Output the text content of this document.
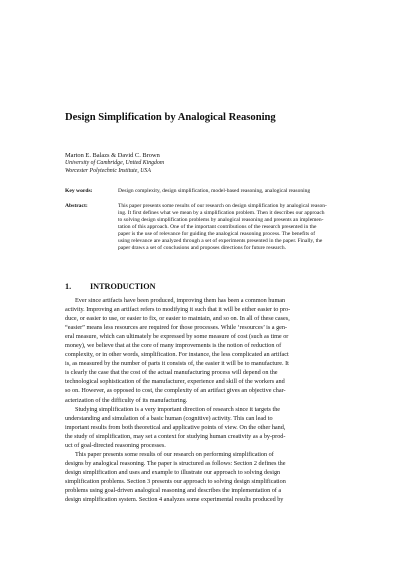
Design Simplification by Analogical Reasoning
Marton E. Balazs & David C. Brown
University of Cambridge, United Kingdom
Worcester Polytechnic Institute, USA
Key words:	Design complexity, design simplification, model-based reasoning, analogical reasoning
Abstract:	This paper presents some results of our research on design simplification by analogical reason-
ing. It first defines what we mean by a simplification problem. Then it describes our approach
to solving design simplification problems by analogical reasoning and presents an implemen-
tation of this approach. One of the important contributions of the research presented in the
paper is the use of relevance for guiding the analogical reasoning process. The benefits of
using relevance are analyzed through a set of experiments presented in the paper. Finally, the
paper draws a set of conclusions and proposes directions for future research.
1. INTRODUCTION
Ever since artifacts have been produced, improving them has been a common human
activity. Improving an artifact refers to modifying it such that it will be either easier to pro-
duce, or easier to use, or easier to fix, or easier to maintain, and so on. In all of these cases,
“easier” means less resources are required for those processes. While ‘resources’ is a gen-
eral measure, which can ultimately be expressed by some measure of cost (such as time or
money), we believe that at the core of many improvements is the notion of reduction of
complexity, or in other words, simplification. For instance, the less complicated an artifact
is, as measured by the number of parts it consists of, the easier it will be to manufacture. It
is clearly the case that the cost of the actual manufacturing process will depend on the
technological sophistication of the manufacturer, experience and skill of the workers and
so on. However, as opposed to cost, the complexity of an artifact gives an objective char-
acterization of the difficulty of its manufacturing.
Studying simplification is a very important direction of research since it targets the
understanding and simulation of a basic human (cognitive) activity. This can lead to
important results from both theoretical and applicative points of view. On the other hand,
the study of simplification, may set a context for studying human creativity as a by-prod-
uct of goal-directed reasoning processes.
This paper presents some results of our research on performing simplification of
designs by analogical reasoning. The paper is structured as follows: Section 2 defines the
design simplification and uses and example to illustrate our approach to solving design
simplification problems. Section 3 presents our approach to solving design simplification
problems using goal-driven analogical reasoning and describes the implementation of a
design simplification system. Section 4 analyzes some experimental results produced by
